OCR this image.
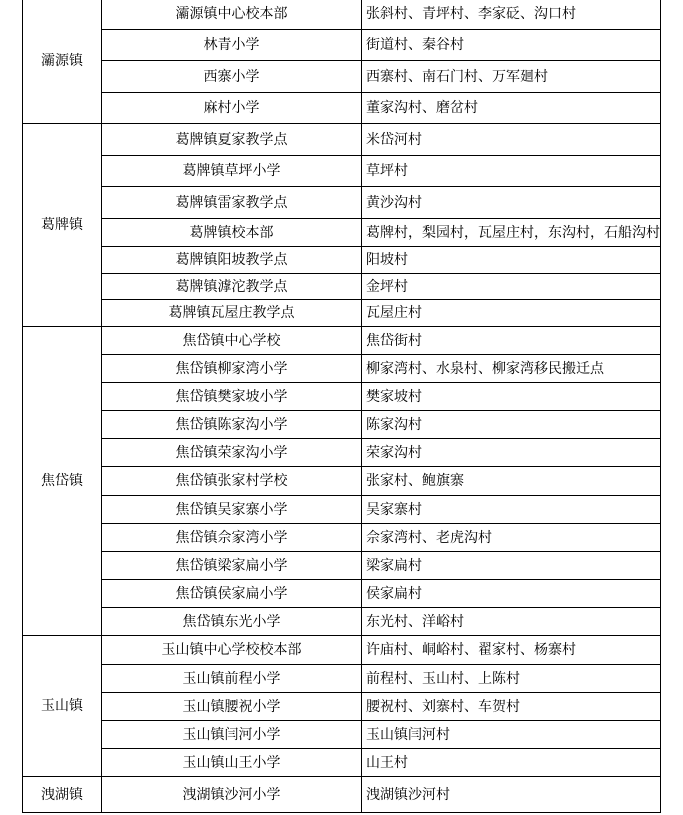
灞源镇	灞源镇中心校本部	张斜村、青坪村、李家砭、沟口村
	林青小学	街道村、秦谷村
	西寨小学	西寨村、南石门村、万军廻村
	麻村小学	董家沟村、磨岔村
葛牌镇	葛牌镇夏家教学点	米岱河村
	葛牌镇草坪小学	草坪村
	葛牌镇雷家教学点	黄沙沟村
	葛牌镇校本部	葛牌村，梨园村，瓦屋庄村，东沟村，石船沟村
	葛牌镇阳坡教学点	阳坡村
	葛牌镇滹沱教学点	金坪村
	葛牌镇瓦屋庄教学点	瓦屋庄村
焦岱镇	焦岱镇中心学校	焦岱街村
	焦岱镇柳家湾小学	柳家湾村、水泉村、柳家湾移民搬迁点
	焦岱镇樊家坡小学	樊家坡村
	焦岱镇陈家沟小学	陈家沟村
	焦岱镇荣家沟小学	荣家沟村
	焦岱镇张家村学校	张家村、鲍旗寨
	焦岱镇吴家寨小学	吴家寨村
	焦岱镇佘家湾小学	佘家湾村、老虎沟村
	焦岱镇梁家扁小学	梁家扁村
	焦岱镇侯家扁小学	侯家扁村
	焦岱镇东光小学	东光村、洋峪村
玉山镇	玉山镇中心学校校本部	许庙村、峒峪村、翟家村、杨寨村
	玉山镇前程小学	前程村、玉山村、上陈村
	玉山镇腰祝小学	腰祝村、刘寨村、车贺村
	玉山镇闫河小学	玉山镇闫河村
	玉山镇山王小学	山王村
洩湖镇	洩湖镇沙河小学	洩湖镇沙河村
